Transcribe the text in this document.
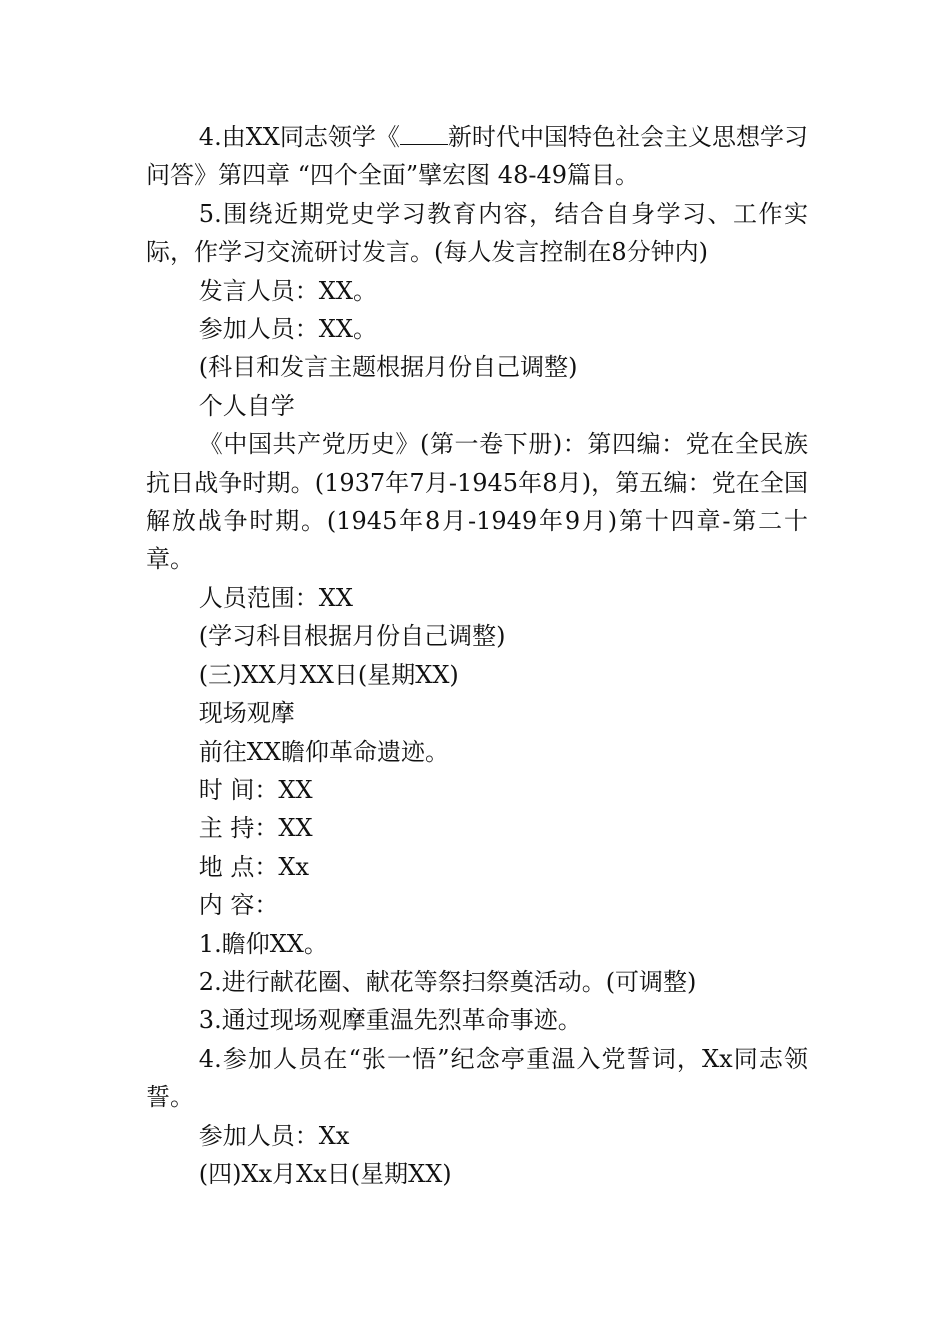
4.由XX同志领学《 新时代中国特色社会主义思想学习问答》第四章 “四个全面”擘宏图 48-49篇目。

5.围绕近期党史学习教育内容，结合自身学习、工作实际，作学习交流研讨发言。(每人发言控制在8分钟内)

发言人员：XX。

参加人员：XX。

(科目和发言主题根据月份自己调整)

个人自学

《中国共产党历史》(第一卷下册)：第四编：党在全民族抗日战争时期。(1937年7月-1945年8月)，第五编：党在全国解放战争时期。(1945年8月-1949年9月)第十四章-第二十章。

人员范围：XX

(学习科目根据月份自己调整)

(三)XX月XX日(星期XX)

现场观摩

前往XX瞻仰革命遗迹。

时 间：XX

主 持：XX

地 点：Xx

内 容：

1.瞻仰XX。

2.进行献花圈、献花等祭扫祭奠活动。(可调整)

3.通过现场观摩重温先烈革命事迹。

4.参加人员在“张一悟”纪念亭重温入党誓词，Xx同志领誓。

参加人员：Xx

(四)Xx月Xx日(星期XX)
